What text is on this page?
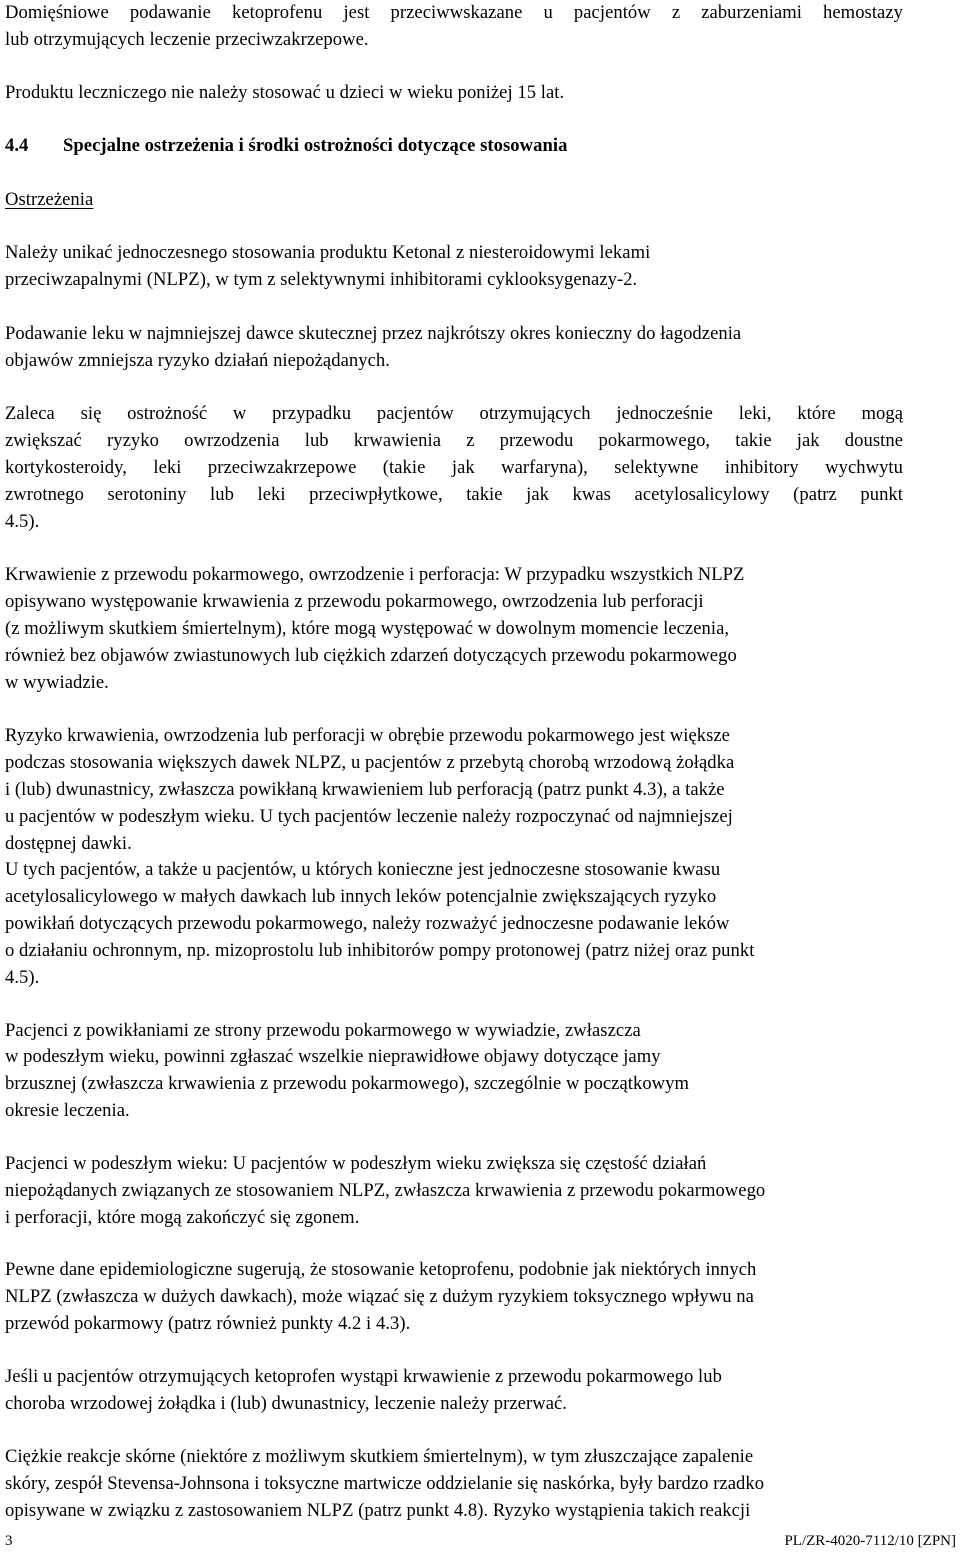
Domięśniowe podawanie ketoprofenu jest przeciwwskazane u pacjentów z zaburzeniami hemostazy
lub otrzymujących leczenie przeciwzakrzepowe.
Produktu leczniczego nie należy stosować u dzieci w wieku poniżej 15 lat.
4.4 Specjalne ostrzeżenia i środki ostrożności dotyczące stosowania
Ostrzeżenia
Należy unikać jednoczesnego stosowania produktu Ketonal z niesteroidowymi lekami
przeciwzapalnymi (NLPZ), w tym z selektywnymi inhibitorami cyklooksygenazy-2.
Podawanie leku w najmniejszej dawce skutecznej przez najkrótszy okres konieczny do łagodzenia
objawów zmniejsza ryzyko działań niepożądanych.
Zaleca się ostrożność w przypadku pacjentów otrzymujących jednocześnie leki, które mogą
zwiększać ryzyko owrzodzenia lub krwawienia z przewodu pokarmowego, takie jak doustne
kortykosteroidy, leki przeciwzakrzepowe (takie jak warfaryna), selektywne inhibitory wychwytu
zwrotnego serotoniny lub leki przeciwpłytkowe, takie jak kwas acetylosalicylowy (patrz punkt
4.5).
Krwawienie z przewodu pokarmowego, owrzodzenie i perforacja: W przypadku wszystkich NLPZ
opisywano występowanie krwawienia z przewodu pokarmowego, owrzodzenia lub perforacji
(z możliwym skutkiem śmiertelnym), które mogą występować w dowolnym momencie leczenia,
również bez objawów zwiastunowych lub ciężkich zdarzeń dotyczących przewodu pokarmowego
w wywiadzie.
Ryzyko krwawienia, owrzodzenia lub perforacji w obrębie przewodu pokarmowego jest większe
podczas stosowania większych dawek NLPZ, u pacjentów z przebytą chorobą wrzodową żołądka
i (lub) dwunastnicy, zwłaszcza powikłaną krwawieniem lub perforacją (patrz punkt 4.3), a także
u pacjentów w podeszłym wieku. U tych pacjentów leczenie należy rozpoczynać od najmniejszej
dostępnej dawki.
U tych pacjentów, a także u pacjentów, u których konieczne jest jednoczesne stosowanie kwasu
acetylosalicylowego w małych dawkach lub innych leków potencjalnie zwiększających ryzyko
powikłań dotyczących przewodu pokarmowego, należy rozważyć jednoczesne podawanie leków
o działaniu ochronnym, np. mizoprostolu lub inhibitorów pompy protonowej (patrz niżej oraz punkt
4.5).
Pacjenci z powikłaniami ze strony przewodu pokarmowego w wywiadzie, zwłaszcza
w podeszłym wieku, powinni zgłaszać wszelkie nieprawidłowe objawy dotyczące jamy
brzusznej (zwłaszcza krwawienia z przewodu pokarmowego), szczególnie w początkowym
okresie leczenia.
Pacjenci w podeszłym wieku: U pacjentów w podeszłym wieku zwiększa się częstość działań
niepożądanych związanych ze stosowaniem NLPZ, zwłaszcza krwawienia z przewodu pokarmowego
i perforacji, które mogą zakończyć się zgonem.
Pewne dane epidemiologiczne sugerują, że stosowanie ketoprofenu, podobnie jak niektórych innych
NLPZ (zwłaszcza w dużych dawkach), może wiązać się z dużym ryzykiem toksycznego wpływu na
przewód pokarmowy (patrz również punkty 4.2 i 4.3).
Jeśli u pacjentów otrzymujących ketoprofen wystąpi krwawienie z przewodu pokarmowego lub
choroba wrzodowej żołądka i (lub) dwunastnicy, leczenie należy przerwać.
Ciężkie reakcje skórne (niektóre z możliwym skutkiem śmiertelnym), w tym złuszczające zapalenie
skóry, zespół Stevensa-Johnsona i toksyczne martwicze oddzielanie się naskórka, były bardzo rzadko
opisywane w związku z zastosowaniem NLPZ (patrz punkt 4.8). Ryzyko wystąpienia takich reakcji
3	PL/ZR-4020-7112/10 [ZPN]
